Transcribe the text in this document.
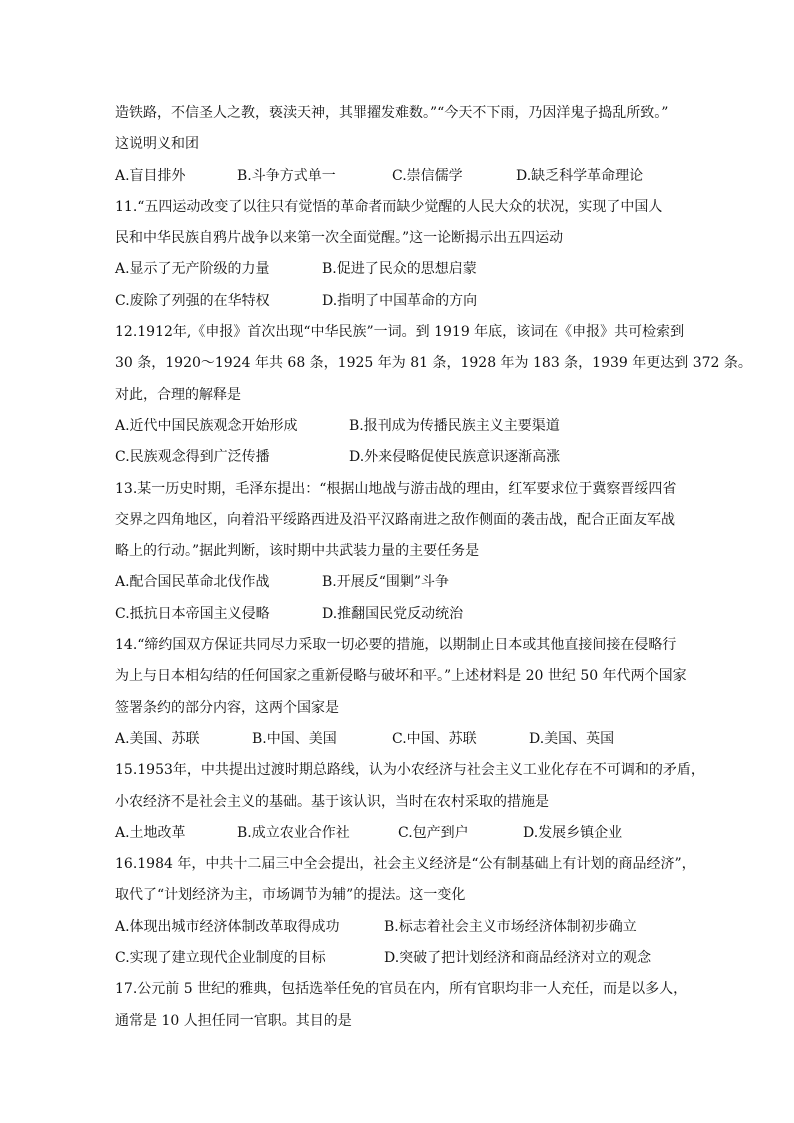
造铁路，不信圣人之教，亵渎天神，其罪擢发难数。”“今天不下雨，乃因洋鬼子捣乱所致。”
这说明义和团
A.盲目排外	B.斗争方式单一	C.崇信儒学	D.缺乏科学革命理论
11.“五四运动改变了以往只有觉悟的革命者而缺少觉醒的人民大众的状况，实现了中国人
民和中华民族自鸦片战争以来第一次全面觉醒。”这一论断揭示出五四运动
A.显示了无产阶级的力量	B.促进了民众的思想启蒙
C.废除了列强的在华特权	D.指明了中国革命的方向
12.1912年,《申报》首次出现“中华民族”一词。到 1919 年底，该词在《申报》共可检索到
30 条，1920～1924 年共 68 条，1925 年为 81 条，1928 年为 183 条，1939 年更达到 372 条。
对此，合理的解释是
A.近代中国民族观念开始形成	B.报刊成为传播民族主义主要渠道
C.民族观念得到广泛传播	D.外来侵略促使民族意识逐渐高涨
13.某一历史时期，毛泽东提出：“根据山地战与游击战的理由，红军要求位于冀察晋绥四省
交界之四角地区，向着沿平绥路西进及沿平汉路南进之敌作侧面的袭击战，配合正面友军战
略上的行动。”据此判断，该时期中共武装力量的主要任务是
A.配合国民革命北伐作战	B.开展反“围剿”斗争
C.抵抗日本帝国主义侵略	D.推翻国民党反动统治
14.“缔约国双方保证共同尽力采取一切必要的措施，以期制止日本或其他直接间接在侵略行
为上与日本相勾结的任何国家之重新侵略与破坏和平。”上述材料是 20 世纪 50 年代两个国家
签署条约的部分内容，这两个国家是
A.美国、苏联	B.中国、美国	C.中国、苏联	D.美国、英国
15.1953年，中共提出过渡时期总路线，认为小农经济与社会主义工业化存在不可调和的矛盾，
小农经济不是社会主义的基础。基于该认识，当时在农村采取的措施是
A.土地改革	B.成立农业合作社	C.包产到户	D.发展乡镇企业
16.1984 年，中共十二届三中全会提出，社会主义经济是“公有制基础上有计划的商品经济”，
取代了“计划经济为主，市场调节为辅”的提法。这一变化
A.体现出城市经济体制改革取得成功	B.标志着社会主义市场经济体制初步确立
C.实现了建立现代企业制度的目标	D.突破了把计划经济和商品经济对立的观念
17.公元前 5 世纪的雅典，包括选举任免的官员在内，所有官职均非一人充任，而是以多人，
通常是 10 人担任同一官职。其目的是
